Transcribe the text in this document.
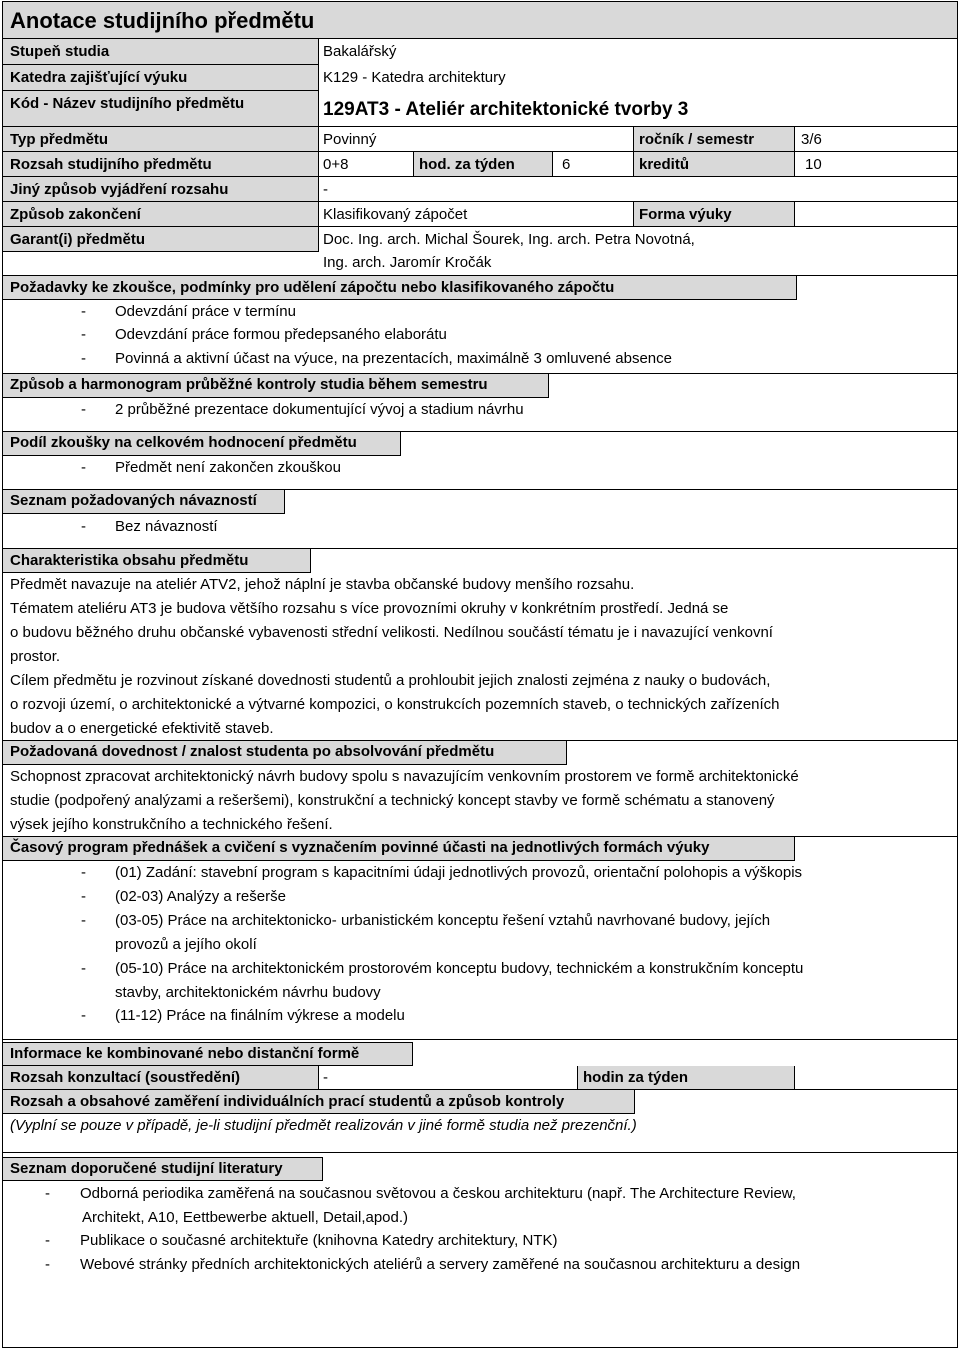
Anotace studijního předmětu
Stupeň studia	Bakalářský
Katedra zajišťující výuku	K129 - Katedra architektury
Kód - Název studijního předmětu	129AT3 - Ateliér architektonické tvorby 3
Typ předmětu	Povinný	ročník / semestr	3/6
Rozsah studijního předmětu	0+8	hod. za týden	6	kreditů	10
Jiný způsob vyjádření rozsahu	-
Způsob zakončení	Klasifikovaný zápočet	Forma výuky
Garant(i) předmětu	Doc. Ing. arch. Michal Šourek, Ing. arch. Petra Novotná,
Ing. arch. Jaromír Kročák
Požadavky ke zkoušce, podmínky pro udělení zápočtu nebo klasifikovaného zápočtu
- Odevzdání práce v termínu
- Odevzdání práce formou předepsaného elaborátu
- Povinná a aktivní účast na výuce, na prezentacích, maximálně 3 omluvené absence
Způsob a harmonogram průběžné kontroly studia během semestru
- 2 průběžné prezentace dokumentující vývoj a stadium návrhu
Podíl zkoušky na celkovém hodnocení předmětu
- Předmět není zakončen zkouškou
Seznam požadovaných návazností
- Bez návazností
Charakteristika obsahu předmětu
Předmět navazuje na ateliér ATV2, jehož náplní je stavba občanské budovy menšího rozsahu.
Tématem ateliéru AT3 je budova většího rozsahu s více provozními okruhy v konkrétním prostředí. Jedná se
o budovu běžného druhu občanské vybavenosti střední velikosti. Nedílnou součástí tématu je i navazující venkovní
prostor.
Cílem předmětu je rozvinout získané dovednosti studentů a prohloubit jejich znalosti zejména z nauky o budovách,
o rozvoji území, o architektonické a výtvarné kompozici, o konstrukcích pozemních staveb, o technických zařízeních
budov a o energetické efektivitě staveb.
Požadovaná dovednost / znalost studenta po absolvování předmětu
Schopnost zpracovat architektonický návrh budovy spolu s navazujícím venkovním prostorem ve formě architektonické
studie (podpořený analýzami a rešeršemi), konstrukční a technický koncept stavby ve formě schématu a stanovený
výsek jejího konstrukčního a technického řešení.
Časový program přednášek a cvičení s vyznačením povinné účasti na jednotlivých formách výuky
- (01) Zadání: stavební program s kapacitními údaji jednotlivých provozů, orientační polohopis a výškopis
- (02-03) Analýzy a rešerše
- (03-05) Práce na architektonicko- urbanistickém konceptu řešení vztahů navrhované budovy, jejích
provozů a jejího okolí
- (05-10) Práce na architektonickém prostorovém konceptu budovy, technickém a konstrukčním konceptu
stavby, architektonickém návrhu budovy
- (11-12) Práce na finálním výkrese a modelu
Informace ke kombinované nebo distanční formě
Rozsah konzultací (soustředění)	-	hodin za týden
Rozsah a obsahové zaměření individuálních prací studentů a způsob kontroly
(Vyplní se pouze v případě, je-li studijní předmět realizován v jiné formě studia než prezenční.)
Seznam doporučené studijní literatury
- Odborná periodika zaměřená na současnou světovou a českou architekturu (např. The Architecture Review,
Architekt, A10, Eettbewerbe aktuell, Detail,apod.)
- Publikace o současné architektuře (knihovna Katedry architektury, NTK)
- Webové stránky předních architektonických ateliérů a servery zaměřené na současnou architekturu a design
